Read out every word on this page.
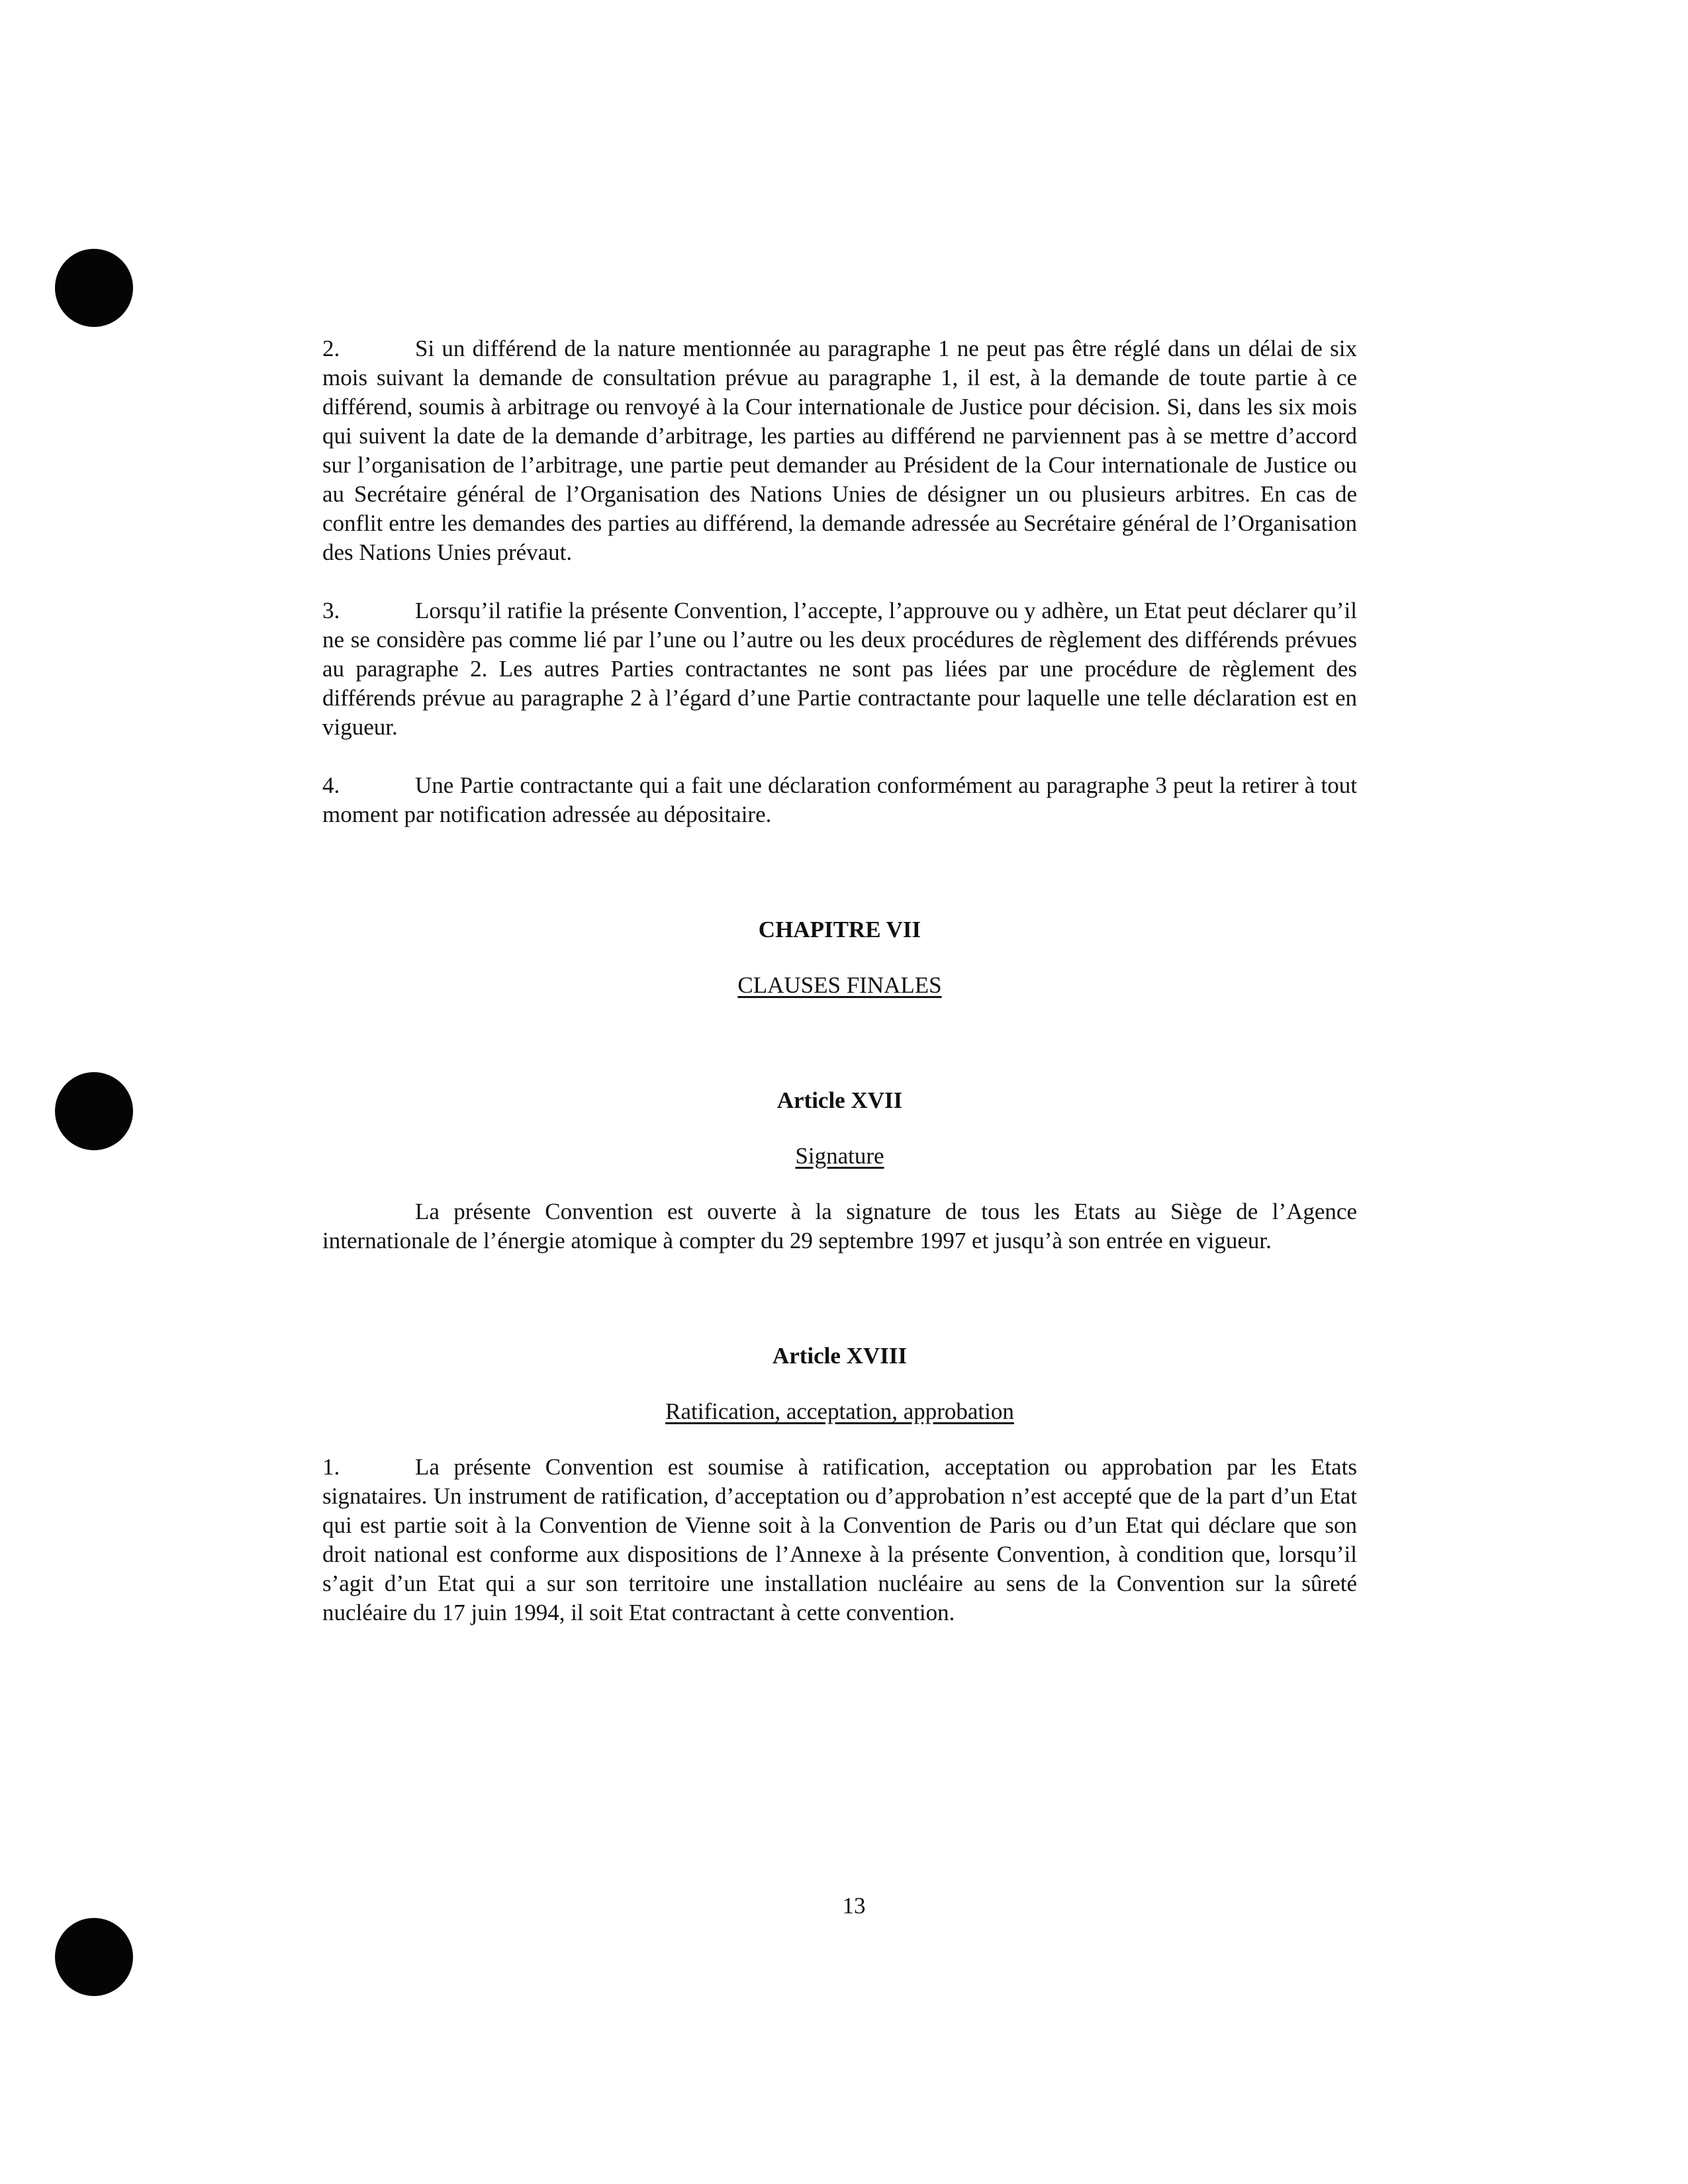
2.	Si un différend de la nature mentionnée au paragraphe 1 ne peut pas être réglé dans un délai de six mois suivant la demande de consultation prévue au paragraphe 1, il est, à la demande de toute partie à ce différend, soumis à arbitrage ou renvoyé à la Cour internationale de Justice pour décision. Si, dans les six mois qui suivent la date de la demande d’arbitrage, les parties au différend ne parviennent pas à se mettre d’accord sur l’organisation de l’arbitrage, une partie peut demander au Président de la Cour internationale de Justice ou au Secrétaire général de l’Organisation des Nations Unies de désigner un ou plusieurs arbitres. En cas de conflit entre les demandes des parties au différend, la demande adressée au Secrétaire général de l’Organisation des Nations Unies prévaut.

3.	Lorsqu’il ratifie la présente Convention, l’accepte, l’approuve ou y adhère, un Etat peut déclarer qu’il ne se considère pas comme lié par l’une ou l’autre ou les deux procédures de règlement des différends prévues au paragraphe 2. Les autres Parties contractantes ne sont pas liées par une procédure de règlement des différends prévue au paragraphe 2 à l’égard d’une Partie contractante pour laquelle une telle déclaration est en vigueur.

4.	Une Partie contractante qui a fait une déclaration conformément au paragraphe 3 peut la retirer à tout moment par notification adressée au dépositaire.

CHAPITRE VII

CLAUSES FINALES

Article XVII

Signature

La présente Convention est ouverte à la signature de tous les Etats au Siège de l’Agence internationale de l’énergie atomique à compter du 29 septembre 1997 et jusqu’à son entrée en vigueur.

Article XVIII

Ratification, acceptation, approbation

1.	La présente Convention est soumise à ratification, acceptation ou approbation par les Etats signataires. Un instrument de ratification, d’acceptation ou d’approbation n’est accepté que de la part d’un Etat qui est partie soit à la Convention de Vienne soit à la Convention de Paris ou d’un Etat qui déclare que son droit national est conforme aux dispositions de l’Annexe à la présente Convention, à condition que, lorsqu’il s’agit d’un Etat qui a sur son territoire une installation nucléaire au sens de la Convention sur la sûreté nucléaire du 17 juin 1994, il soit Etat contractant à cette convention.

13
